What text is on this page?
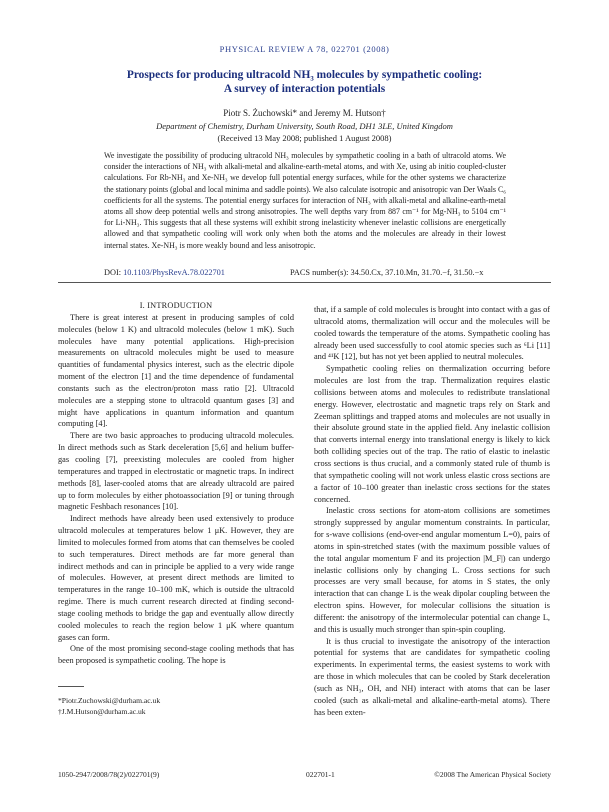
PHYSICAL REVIEW A 78, 022701 (2008)
Prospects for producing ultracold NH₃ molecules by sympathetic cooling:
A survey of interaction potentials
Piotr S. Żuchowski* and Jeremy M. Hutson†
Department of Chemistry, Durham University, South Road, DH1 3LE, United Kingdom
(Received 13 May 2008; published 1 August 2008)

We investigate the possibility of producing ultracold NH₃ molecules by sympathetic cooling in a bath of ultracold atoms. We consider the interactions of NH₃ with alkali-metal and alkaline-earth-metal atoms, and with Xe, using ab initio coupled-cluster calculations. For Rb-NH₃ and Xe-NH₃ we develop full potential energy surfaces, while for the other systems we characterize the stationary points (global and local minima and saddle points). We also calculate isotropic and anisotropic van Der Waals C₆ coefficients for all the systems. The potential energy surfaces for interaction of NH₃ with alkali-metal and alkaline-earth-metal atoms all show deep potential wells and strong anisotropies. The well depths vary from 887 cm⁻¹ for Mg-NH₃ to 5104 cm⁻¹ for Li-NH₃. This suggests that all these systems will exhibit strong inelasticity whenever inelastic collisions are energetically allowed and that sympathetic cooling will work only when both the atoms and the molecules are already in their lowest internal states. Xe-NH₃ is more weakly bound and less anisotropic.

DOI: 10.1103/PhysRevA.78.022701	PACS number(s): 34.50.Cx, 37.10.Mn, 31.70.−f, 31.50.−x

I. INTRODUCTION

There is great interest at present in producing samples of cold molecules (below 1 K) and ultracold molecules (below 1 mK). Such molecules have many potential applications. High-precision measurements on ultracold molecules might be used to measure quantities of fundamental physics interest, such as the electric dipole moment of the electron [1] and the time dependence of fundamental constants such as the electron/proton mass ratio [2]. Ultracold molecules are a stepping stone to ultracold quantum gases [3] and might have applications in quantum information and quantum computing [4].

There are two basic approaches to producing ultracold molecules. In direct methods such as Stark deceleration [5,6] and helium buffer-gas cooling [7], preexisting molecules are cooled from higher temperatures and trapped in electrostatic or magnetic traps. In indirect methods [8], laser-cooled atoms that are already ultracold are paired up to form molecules by either photoassociation [9] or tuning through magnetic Feshbach resonances [10].

Indirect methods have already been used extensively to produce ultracold molecules at temperatures below 1 μK. However, they are limited to molecules formed from atoms that can themselves be cooled to such temperatures. Direct methods are far more general than indirect methods and can in principle be applied to a very wide range of molecules. However, at present direct methods are limited to temperatures in the range 10–100 mK, which is outside the ultracold regime. There is much current research directed at finding second-stage cooling methods to bridge the gap and eventually allow directly cooled molecules to reach the region below 1 μK where quantum gases can form.

One of the most promising second-stage cooling methods that has been proposed is sympathetic cooling. The hope is

that, if a sample of cold molecules is brought into contact with a gas of ultracold atoms, thermalization will occur and the molecules will be cooled towards the temperature of the atoms. Sympathetic cooling has already been used successfully to cool atomic species such as ⁶Li [11] and ⁴¹K [12], but has not yet been applied to neutral molecules.

Sympathetic cooling relies on thermalization occurring before molecules are lost from the trap. Thermalization requires elastic collisions between atoms and molecules to redistribute translational energy. However, electrostatic and magnetic traps rely on Stark and Zeeman splittings and trapped atoms and molecules are not usually in their absolute ground state in the applied field. Any inelastic collision that converts internal energy into translational energy is likely to kick both colliding species out of the trap. The ratio of elastic to inelastic cross sections is thus crucial, and a commonly stated rule of thumb is that sympathetic cooling will not work unless elastic cross sections are a factor of 10–100 greater than inelastic cross sections for the states concerned.

Inelastic cross sections for atom-atom collisions are sometimes strongly suppressed by angular momentum constraints. In particular, for s-wave collisions (end-over-end angular momentum L=0), pairs of atoms in spin-stretched states (with the maximum possible values of the total angular momentum F and its projection |M_F|) can undergo inelastic collisions only by changing L. Cross sections for such processes are very small because, for atoms in S states, the only interaction that can change L is the weak dipolar coupling between the electron spins. However, for molecular collisions the situation is different: the anisotropy of the intermolecular potential can change L, and this is usually much stronger than spin-spin coupling.

It is thus crucial to investigate the anisotropy of the interaction potential for systems that are candidates for sympathetic cooling experiments. In experimental terms, the easiest systems to work with are those in which molecules that can be cooled by Stark deceleration (such as NH₃, OH, and NH) interact with atoms that can be laser cooled (such as alkali-metal and alkaline-earth-metal atoms). There has been exten-

*Piotr.Zuchowski@durham.ac.uk
†J.M.Hutson@durham.ac.uk
1050-2947/2008/78(2)/022701(9)	022701-1	©2008 The American Physical Society
